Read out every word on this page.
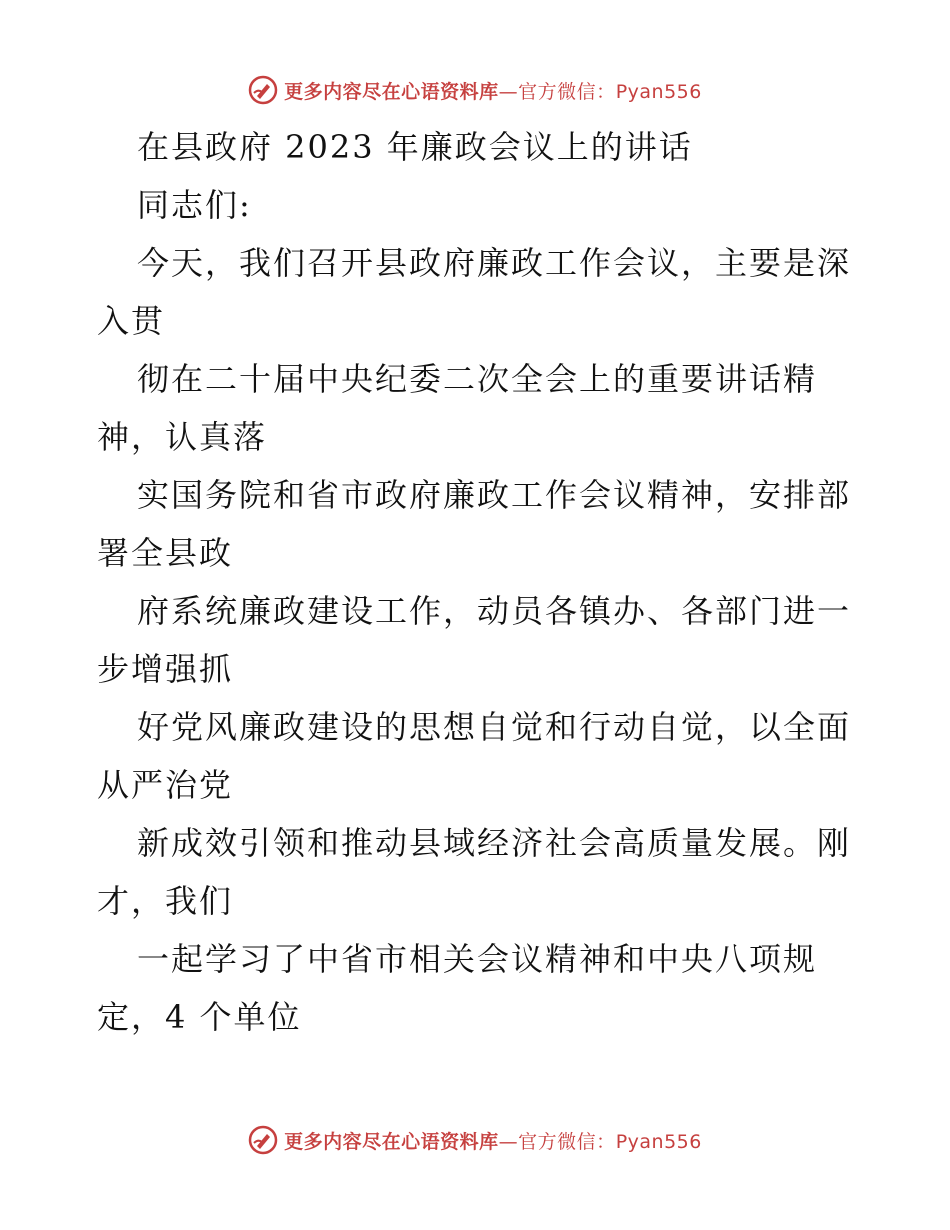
更多内容尽在心语资料库—官方微信：Pyan556
在县政府 2023 年廉政会议上的讲话
同志们:
今天，我们召开县政府廉政工作会议，主要是深
入贯
彻在二十届中央纪委二次全会上的重要讲话精
神，认真落
实国务院和省市政府廉政工作会议精神，安排部
署全县政
府系统廉政建设工作，动员各镇办、各部门进一
步增强抓
好党风廉政建设的思想自觉和行动自觉，以全面
从严治党
新成效引领和推动县域经济社会高质量发展。刚
才，我们
一起学习了中省市相关会议精神和中央八项规
定，4 个单位
更多内容尽在心语资料库—官方微信：Pyan556
